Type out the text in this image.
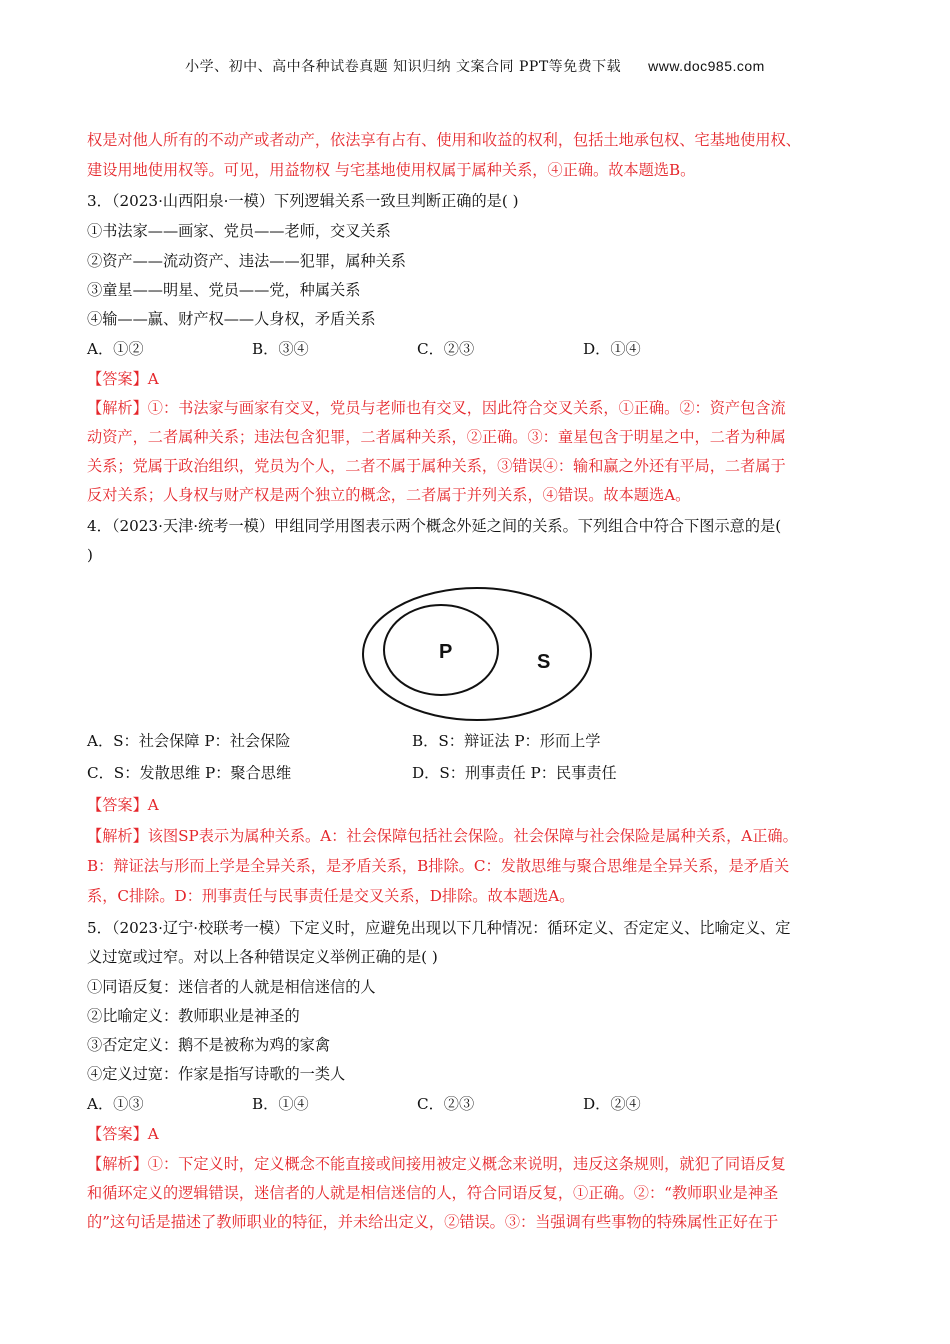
小学、初中、高中各种试卷真题 知识归纳 文案合同 PPT等免费下载 www.doc985.com
权是对他人所有的不动产或者动产，依法享有占有、使用和收益的权利，包括土地承包权、宅基地使用权、
建设用地使用权等。可见，用益物权 与宅基地使用权属于属种关系，④正确。故本题选B。
3．（2023·山西阳泉·一模）下列逻辑关系一致旦判断正确的是( )
①书法家——画家、党员——老师，交叉关系
②资产——流动资产、违法——犯罪，属种关系
③童星——明星、党员——党，种属关系
④输——赢、财产权——人身权，矛盾关系
A．①②	B．③④	C．②③	D．①④
【答案】A
【解析】①：书法家与画家有交叉，党员与老师也有交叉，因此符合交叉关系，①正确。②：资产包含流
动资产，二者属种关系；违法包含犯罪，二者属种关系，②正确。③：童星包含于明星之中，二者为种属
关系；党属于政治组织，党员为个人，二者不属于属种关系，③错误④：输和赢之外还有平局，二者属于
反对关系；人身权与财产权是两个独立的概念，二者属于并列关系，④错误。故本题选A。
4．（2023·天津·统考一模）甲组同学用图表示两个概念外延之间的关系。下列组合中符合下图示意的是(
)
P	S
A．S：社会保障 P：社会保险	B．S：辩证法 P：形而上学
C．S：发散思维 P：聚合思维	D．S：刑事责任 P：民事责任
【答案】A
【解析】该图SP表示为属种关系。A：社会保障包括社会保险。社会保障与社会保险是属种关系，A正确。
B：辩证法与形而上学是全异关系，是矛盾关系，B排除。C：发散思维与聚合思维是全异关系，是矛盾关
系，C排除。D：刑事责任与民事责任是交叉关系，D排除。故本题选A。
5．（2023·辽宁·校联考一模）下定义时，应避免出现以下几种情况：循环定义、否定定义、比喻定义、定
义过宽或过窄。对以上各种错误定义举例正确的是( )
①同语反复：迷信者的人就是相信迷信的人
②比喻定义：教师职业是神圣的
③否定定义：鹅不是被称为鸡的家禽
④定义过宽：作家是指写诗歌的一类人
A．①③	B．①④	C．②③	D．②④
【答案】A
【解析】①：下定义时，定义概念不能直接或间接用被定义概念来说明，违反这条规则，就犯了同语反复
和循环定义的逻辑错误，迷信者的人就是相信迷信的人，符合同语反复，①正确。②：“教师职业是神圣
的”这句话是描述了教师职业的特征，并未给出定义，②错误。③：当强调有些事物的特殊属性正好在于
